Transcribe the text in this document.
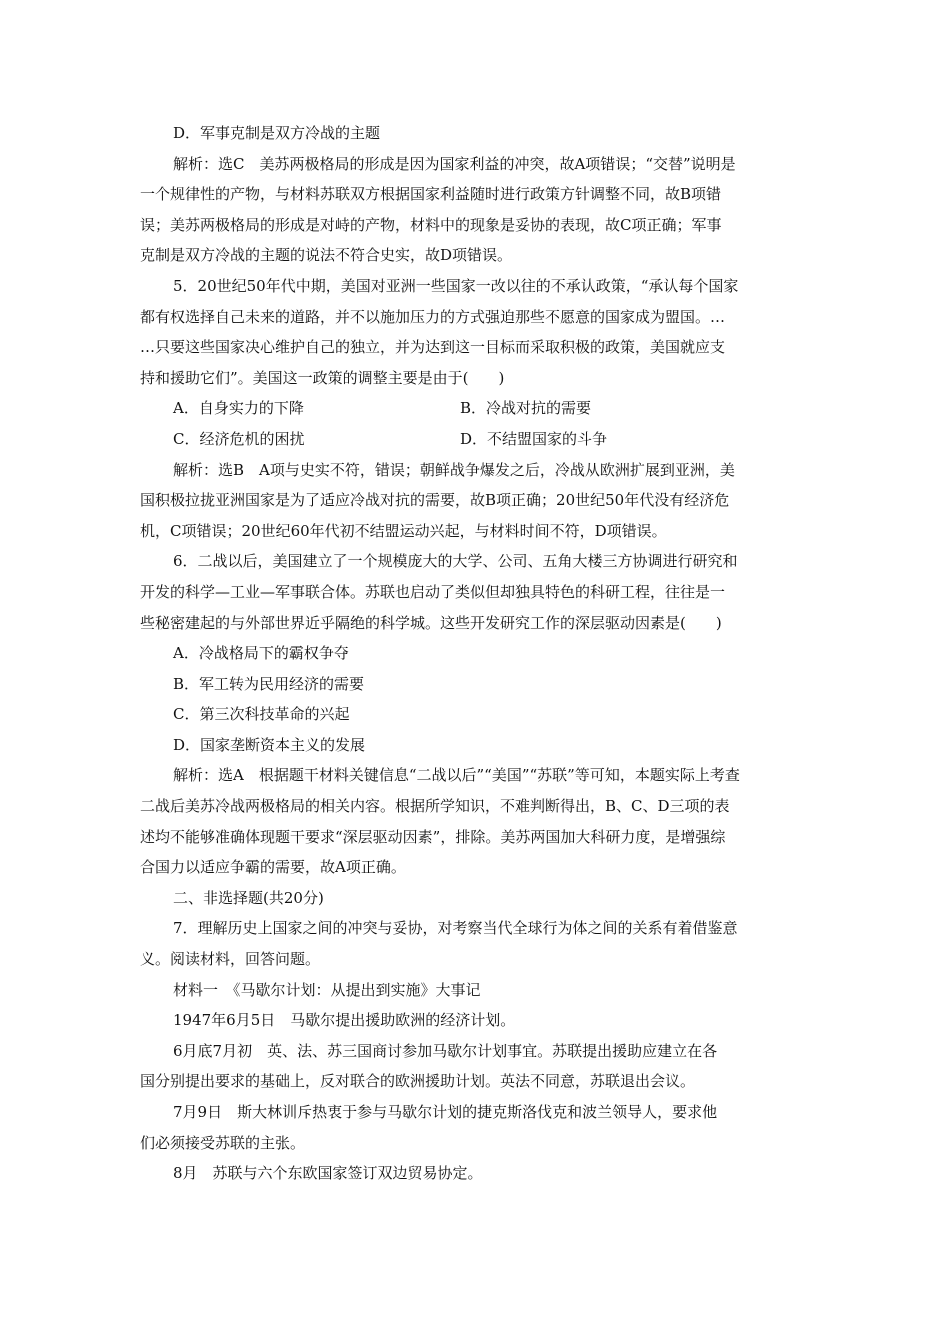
D．军事克制是双方冷战的主题
解析：选C　美苏两极格局的形成是因为国家利益的冲突，故A项错误；“交替”说明是
一个规律性的产物，与材料苏联双方根据国家利益随时进行政策方针调整不同，故B项错
误；美苏两极格局的形成是对峙的产物，材料中的现象是妥协的表现，故C项正确；军事
克制是双方冷战的主题的说法不符合史实，故D项错误。
5．20世纪50年代中期，美国对亚洲一些国家一改以往的不承认政策，“承认每个国家
都有权选择自己未来的道路，并不以施加压力的方式强迫那些不愿意的国家成为盟国。…
…只要这些国家决心维护自己的独立，并为达到这一目标而采取积极的政策，美国就应支
持和援助它们”。美国这一政策的调整主要是由于(　　)
A．自身实力的下降	B．冷战对抗的需要
C．经济危机的困扰	D．不结盟国家的斗争
解析：选B　A项与史实不符，错误；朝鲜战争爆发之后，冷战从欧洲扩展到亚洲，美
国积极拉拢亚洲国家是为了适应冷战对抗的需要，故B项正确；20世纪50年代没有经济危
机，C项错误；20世纪60年代初不结盟运动兴起，与材料时间不符，D项错误。
6．二战以后，美国建立了一个规模庞大的大学、公司、五角大楼三方协调进行研究和
开发的科学—工业—军事联合体。苏联也启动了类似但却独具特色的科研工程，往往是一
些秘密建起的与外部世界近乎隔绝的科学城。这些开发研究工作的深层驱动因素是(　　)
A．冷战格局下的霸权争夺
B．军工转为民用经济的需要
C．第三次科技革命的兴起
D．国家垄断资本主义的发展
解析：选A　根据题干材料关键信息“二战以后”“美国”“苏联”等可知，本题实际上考查
二战后美苏冷战两极格局的相关内容。根据所学知识，不难判断得出，B、C、D三项的表
述均不能够准确体现题干要求“深层驱动因素”，排除。美苏两国加大科研力度，是增强综
合国力以适应争霸的需要，故A项正确。
二、非选择题(共20分)
7．理解历史上国家之间的冲突与妥协，对考察当代全球行为体之间的关系有着借鉴意
义。阅读材料，回答问题。
材料一　《马歇尔计划：从提出到实施》大事记
1947年6月5日　马歇尔提出援助欧洲的经济计划。
6月底7月初　英、法、苏三国商讨参加马歇尔计划事宜。苏联提出援助应建立在各
国分别提出要求的基础上，反对联合的欧洲援助计划。英法不同意，苏联退出会议。
7月9日　斯大林训斥热衷于参与马歇尔计划的捷克斯洛伐克和波兰领导人，要求他
们必须接受苏联的主张。
8月　苏联与六个东欧国家签订双边贸易协定。
